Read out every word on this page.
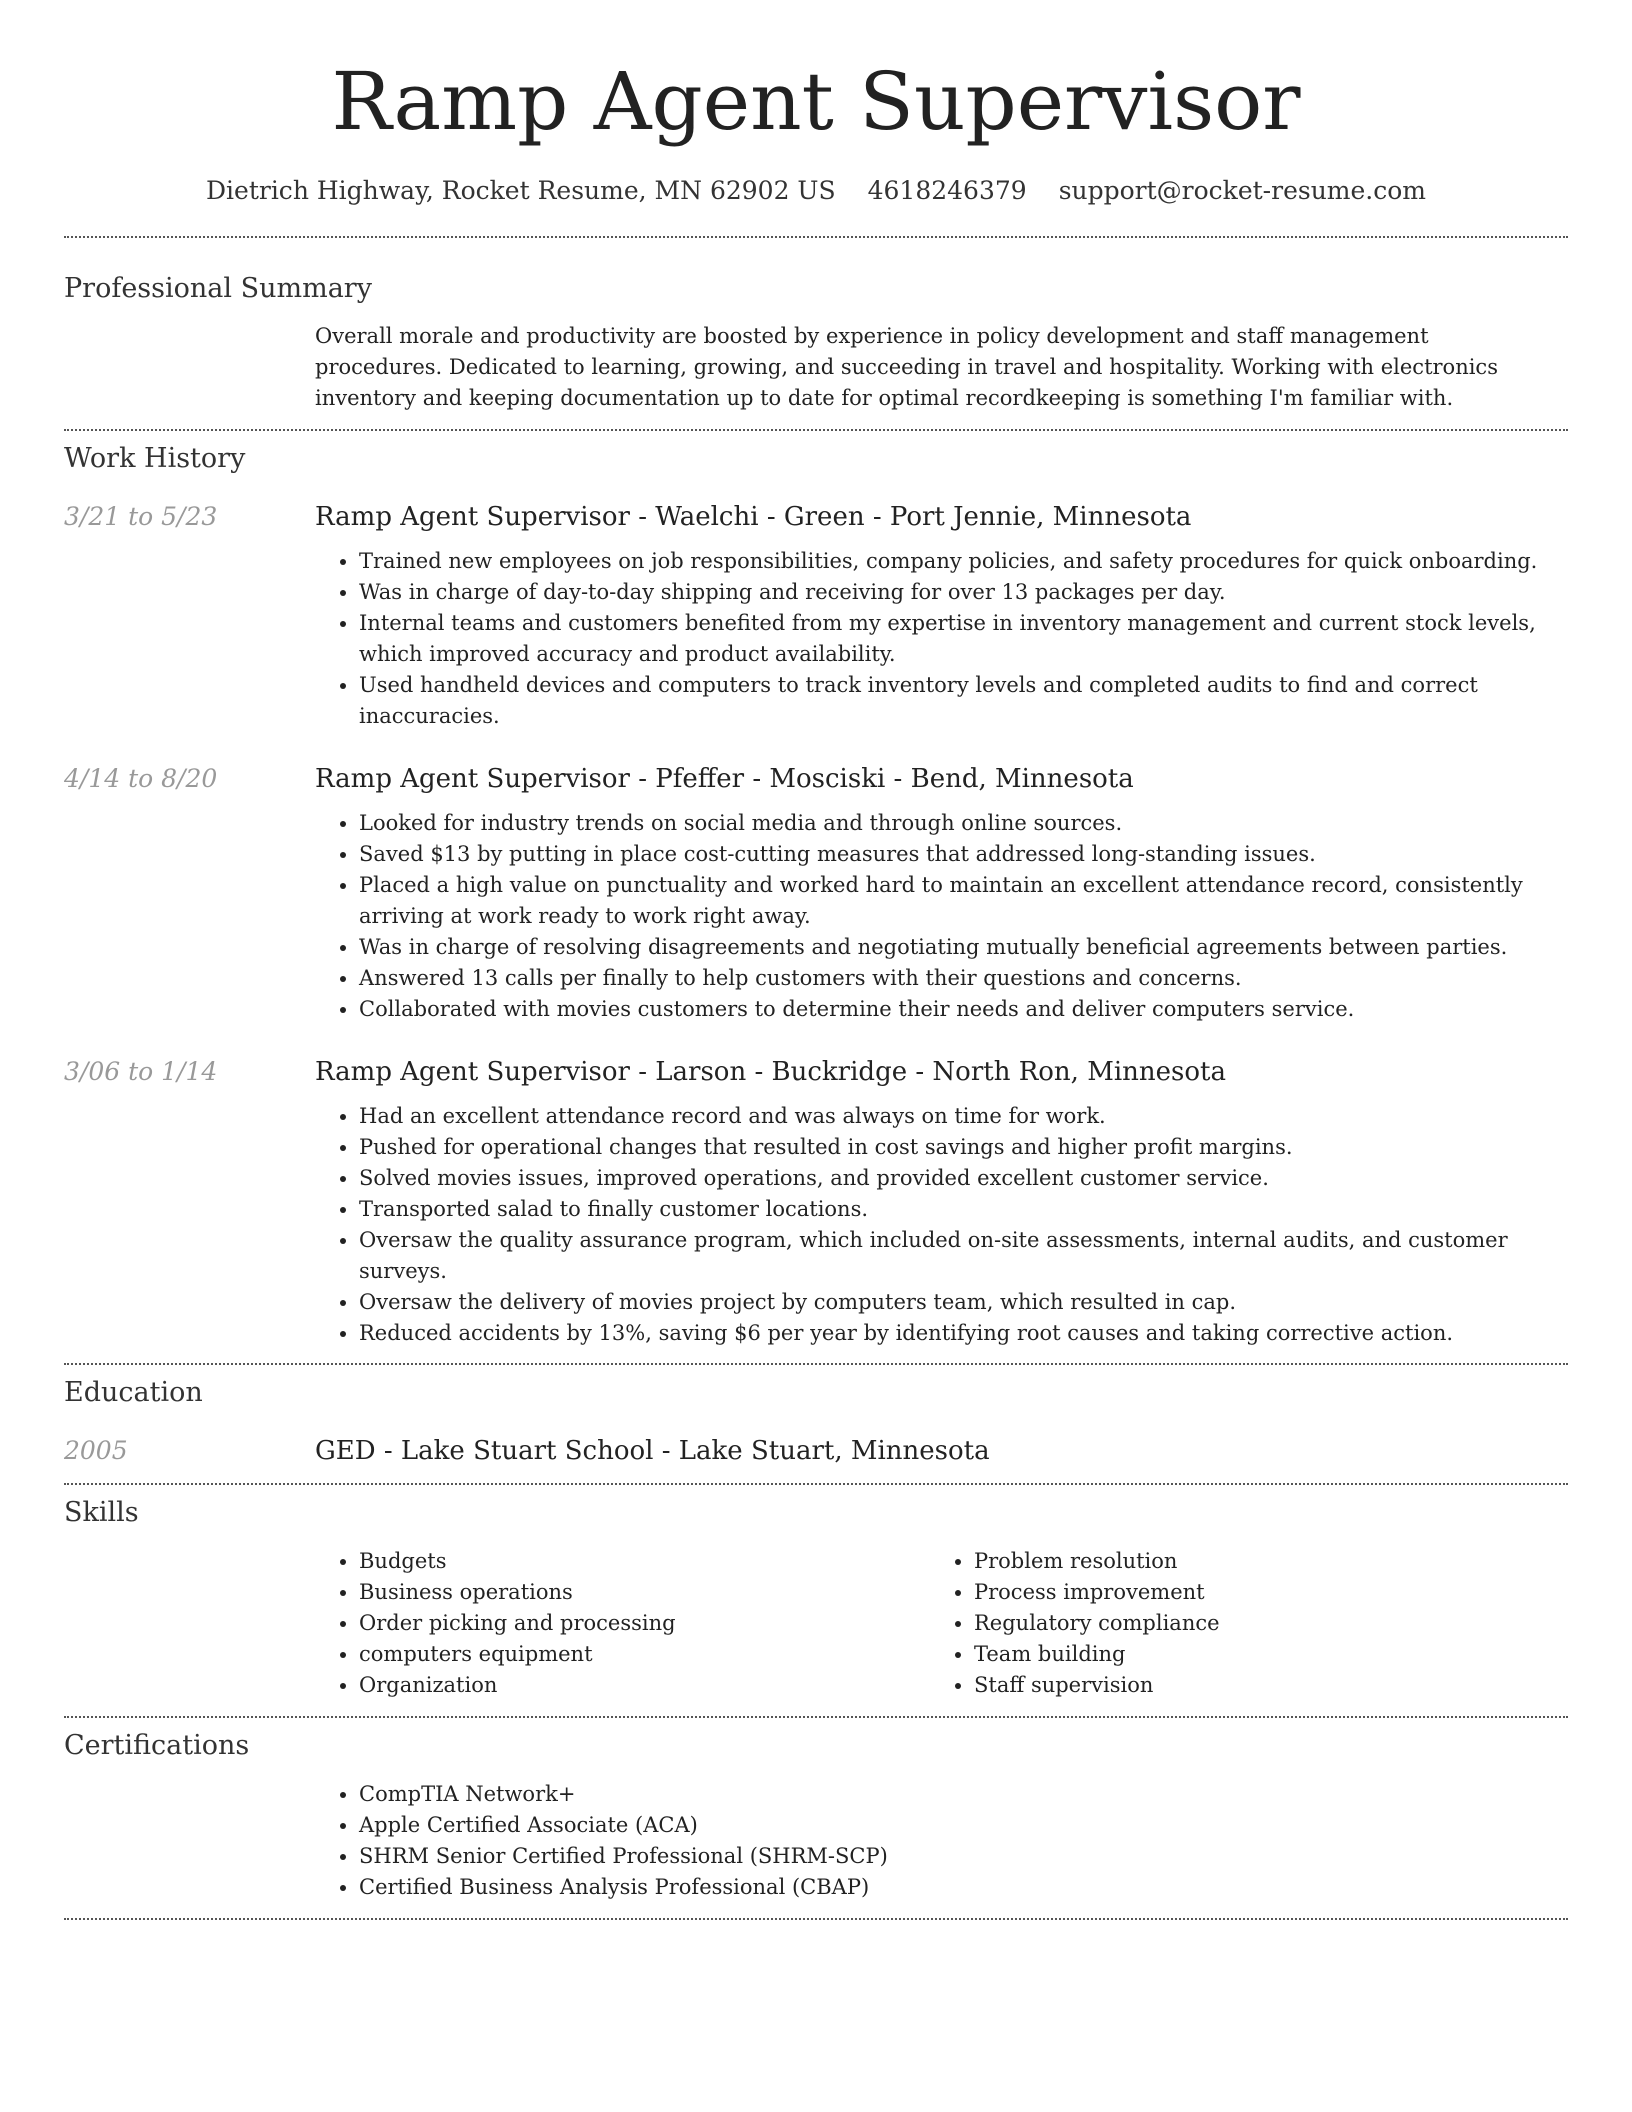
Ramp Agent Supervisor
Dietrich Highway, Rocket Resume, MN 62902 US 4618246379 support@rocket-resume.com
Professional Summary

Overall morale and productivity are boosted by experience in policy development and staff management procedures. Dedicated to learning, growing, and succeeding in travel and hospitality. Working with electronics inventory and keeping documentation up to date for optimal recordkeeping is something I'm familiar with.

Work History
3/21 to 5/23	Ramp Agent Supervisor - Waelchi - Green - Port Jennie, Minnesota
• Trained new employees on job responsibilities, company policies, and safety procedures for quick onboarding.
• Was in charge of day-to-day shipping and receiving for over 13 packages per day.
• Internal teams and customers benefited from my expertise in inventory management and current stock levels, which improved accuracy and product availability.
• Used handheld devices and computers to track inventory levels and completed audits to find and correct inaccuracies.
4/14 to 8/20	Ramp Agent Supervisor - Pfeffer - Mosciski - Bend, Minnesota
• Looked for industry trends on social media and through online sources.
• Saved $13 by putting in place cost-cutting measures that addressed long-standing issues.
• Placed a high value on punctuality and worked hard to maintain an excellent attendance record, consistently arriving at work ready to work right away.
• Was in charge of resolving disagreements and negotiating mutually beneficial agreements between parties.
• Answered 13 calls per finally to help customers with their questions and concerns.
• Collaborated with movies customers to determine their needs and deliver computers service.
3/06 to 1/14	Ramp Agent Supervisor - Larson - Buckridge - North Ron, Minnesota
• Had an excellent attendance record and was always on time for work.
• Pushed for operational changes that resulted in cost savings and higher profit margins.
• Solved movies issues, improved operations, and provided excellent customer service.
• Transported salad to finally customer locations.
• Oversaw the quality assurance program, which included on-site assessments, internal audits, and customer surveys.
• Oversaw the delivery of movies project by computers team, which resulted in cap.
• Reduced accidents by 13%, saving $6 per year by identifying root causes and taking corrective action.
Education
2005	GED - Lake Stuart School - Lake Stuart, Minnesota
Skills
• Budgets
• Business operations
• Order picking and processing
• computers equipment
• Organization
• Problem resolution
• Process improvement
• Regulatory compliance
• Team building
• Staff supervision
Certifications
• CompTIA Network+
• Apple Certified Associate (ACA)
• SHRM Senior Certified Professional (SHRM-SCP)
• Certified Business Analysis Professional (CBAP)
